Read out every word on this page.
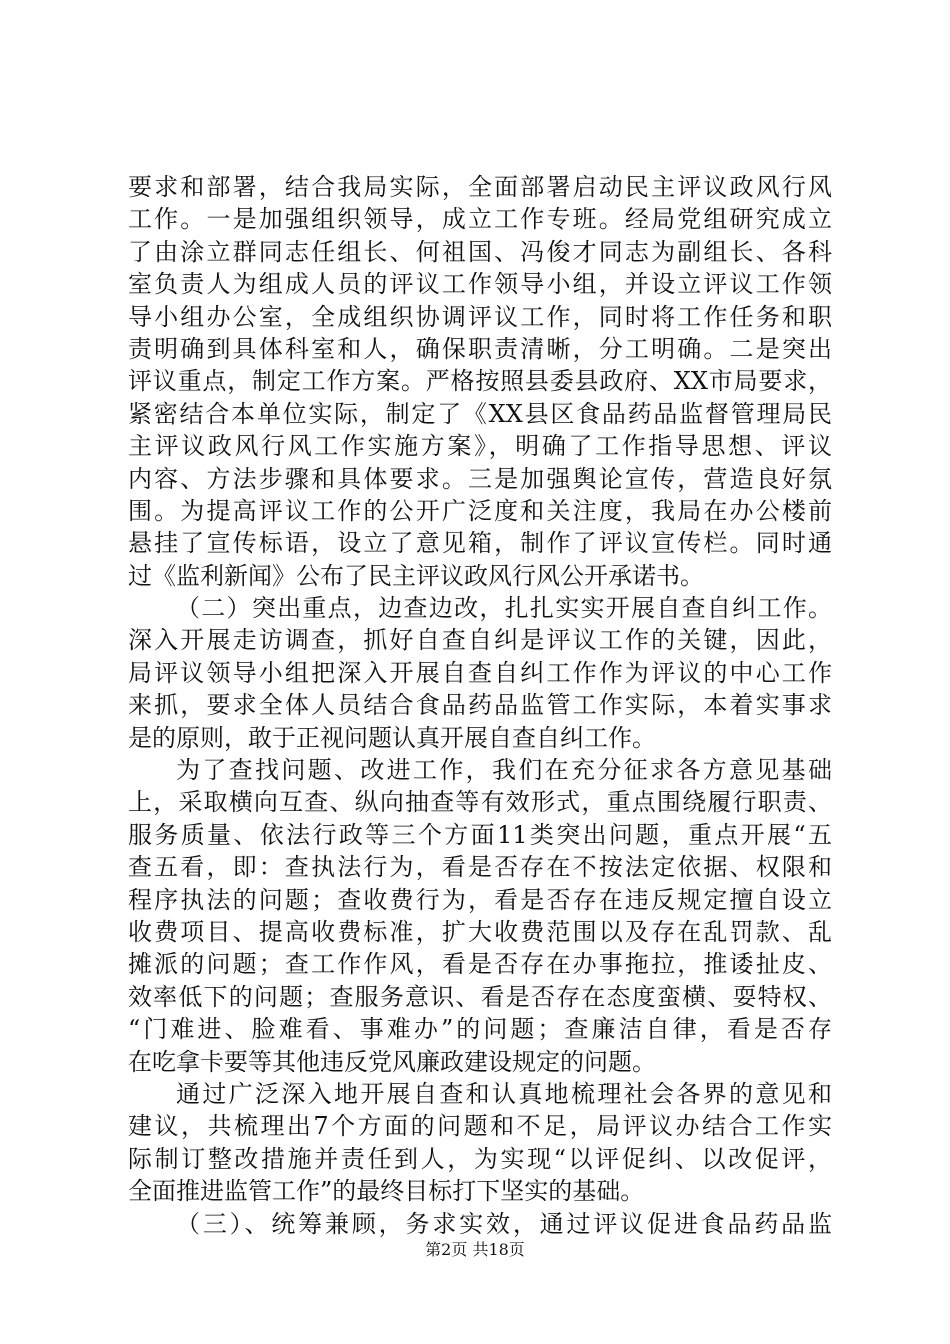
要求和部署，结合我局实际，全面部署启动民主评议政风行风
工作。一是加强组织领导，成立工作专班。经局党组研究成立
了由涂立群同志任组长、何祖国、冯俊才同志为副组长、各科
室负责人为组成人员的评议工作领导小组，并设立评议工作领
导小组办公室，全成组织协调评议工作，同时将工作任务和职
责明确到具体科室和人，确保职责清晰，分工明确。二是突出
评议重点，制定工作方案。严格按照县委县政府、XX市局要求，
紧密结合本单位实际，制定了《XX县区食品药品监督管理局民
主评议政风行风工作实施方案》，明确了工作指导思想、评议
内容、方法步骤和具体要求。三是加强舆论宣传，营造良好氛
围。为提高评议工作的公开广泛度和关注度，我局在办公楼前
悬挂了宣传标语，设立了意见箱，制作了评议宣传栏。同时通
过《监利新闻》公布了民主评议政风行风公开承诺书。
（二）突出重点，边查边改，扎扎实实开展自查自纠工作。
深入开展走访调查，抓好自查自纠是评议工作的关键，因此，
局评议领导小组把深入开展自查自纠工作作为评议的中心工作
来抓，要求全体人员结合食品药品监管工作实际，本着实事求
是的原则，敢于正视问题认真开展自查自纠工作。
为了查找问题、改进工作，我们在充分征求各方意见基础
上，采取横向互查、纵向抽查等有效形式，重点围绕履行职责、
服务质量、依法行政等三个方面11类突出问题，重点开展“五
查五看，即：查执法行为，看是否存在不按法定依据、权限和
程序执法的问题；查收费行为，看是否存在违反规定擅自设立
收费项目、提高收费标准，扩大收费范围以及存在乱罚款、乱
摊派的问题；查工作作风，看是否存在办事拖拉，推诿扯皮、
效率低下的问题；查服务意识、看是否存在态度蛮横、耍特权、
“门难进、脸难看、事难办”的问题；查廉洁自律，看是否存
在吃拿卡要等其他违反党风廉政建设规定的问题。
通过广泛深入地开展自查和认真地梳理社会各界的意见和
建议，共梳理出7个方面的问题和不足，局评议办结合工作实
际制订整改措施并责任到人，为实现“以评促纠、以改促评，
全面推进监管工作”的最终目标打下坚实的基础。
（三）、统筹兼顾，务求实效，通过评议促进食品药品监
第2页 共18页
